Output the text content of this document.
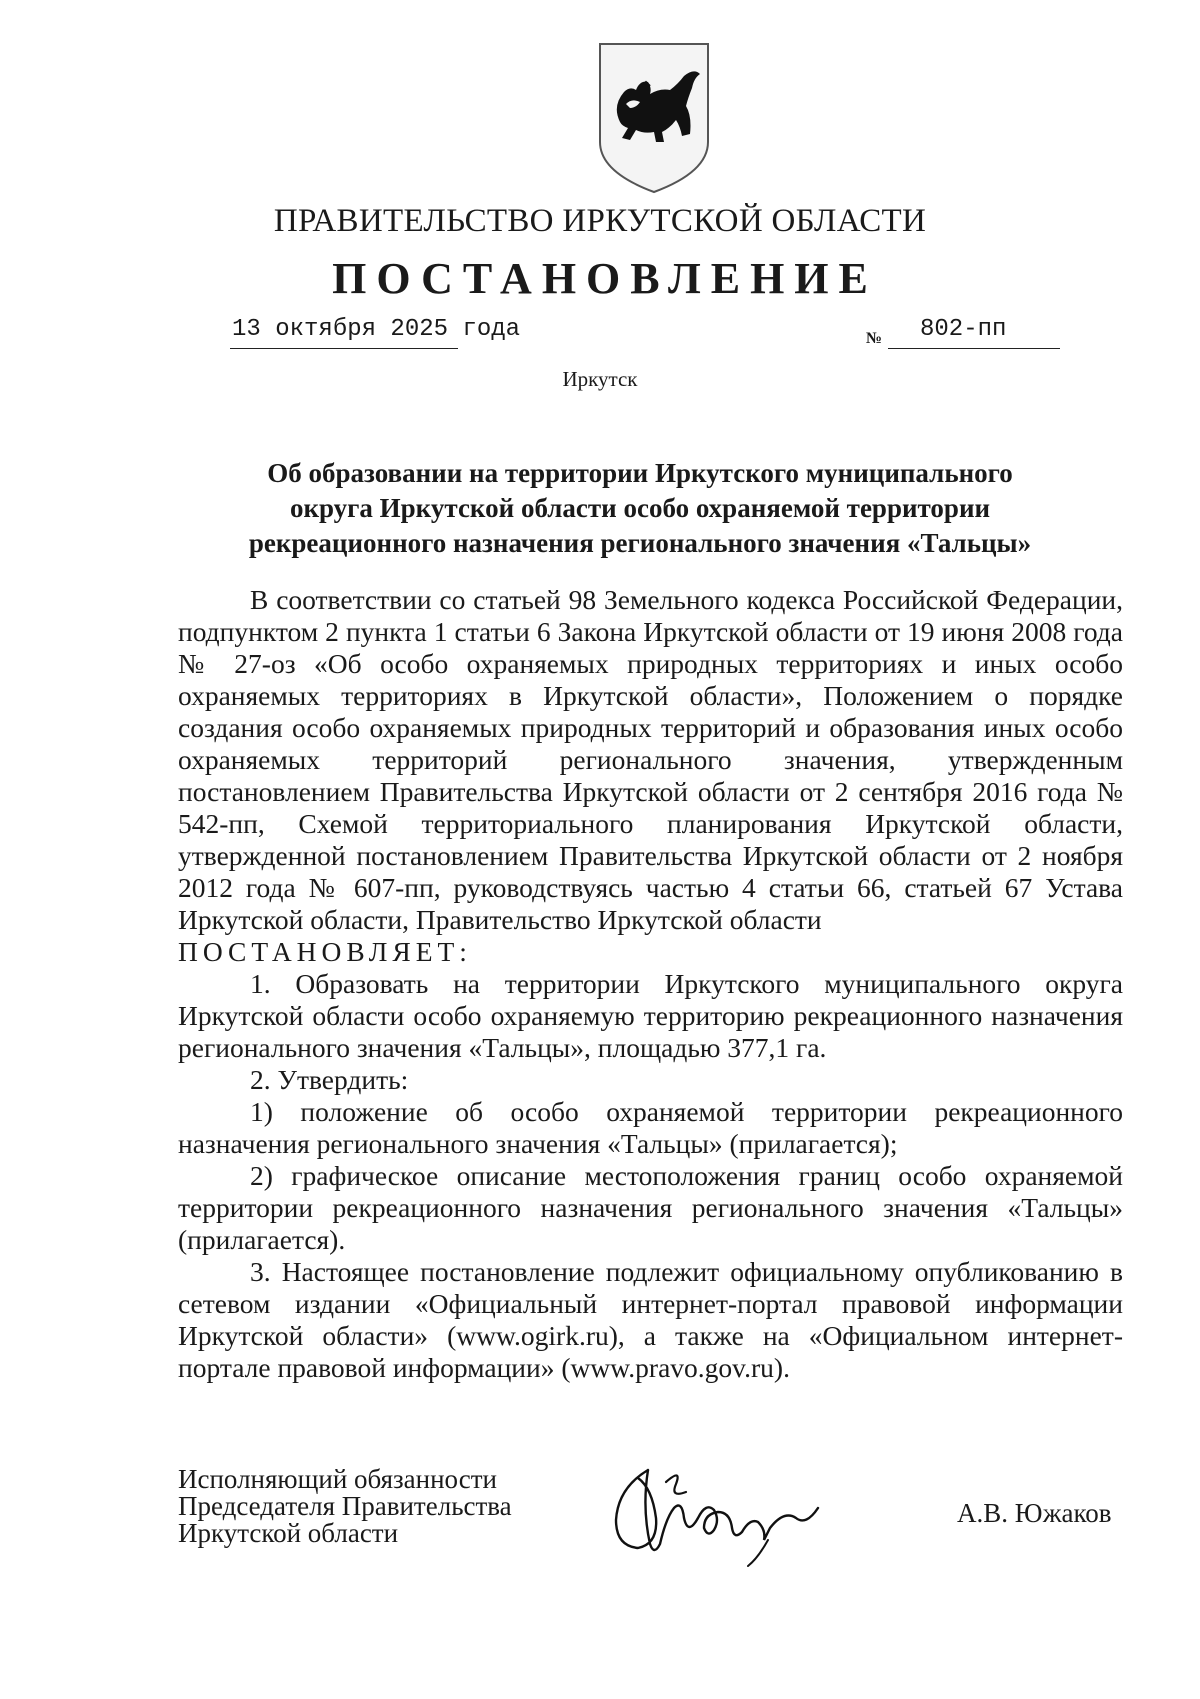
ПРАВИТЕЛЬСТВО ИРКУТСКОЙ ОБЛАСТИ
ПОСТАНОВЛЕНИЕ
13 октября 2025 года	№ 802-пп
Иркутск
Об образовании на территории Иркутского муниципального
округа Иркутской области особо охраняемой территории
рекреационного назначения регионального значения «Тальцы»

В соответствии со статьей 98 Земельного кодекса Российской Федерации, подпунктом 2 пункта 1 статьи 6 Закона Иркутской области от 19 июня 2008 года № 27-оз «Об особо охраняемых природных территориях и иных особо охраняемых территориях в Иркутской области», Положением о порядке создания особо охраняемых природных территорий и образования иных особо охраняемых территорий регионального значения, утвержденным постановлением Правительства Иркутской области от 2 сентября 2016 года № 542-пп, Схемой территориального планирования Иркутской области, утвержденной постановлением Правительства Иркутской области от 2 ноября 2012 года № 607-пп, руководствуясь частью 4 статьи 66, статьей 67 Устава Иркутской области, Правительство Иркутской области

ПОСТАНОВЛЯЕТ:

1. Образовать на территории Иркутского муниципального округа Иркутской области особо охраняемую территорию рекреационного назначения регионального значения «Тальцы», площадью 377,1 га.

2. Утвердить:

1) положение об особо охраняемой территории рекреационного назначения регионального значения «Тальцы» (прилагается);

2) графическое описание местоположения границ особо охраняемой территории рекреационного назначения регионального значения «Тальцы» (прилагается).

3. Настоящее постановление подлежит официальному опубликованию в сетевом издании «Официальный интернет-портал правовой информации Иркутской области» (www.ogirk.ru), а также на «Официальном интернет-портале правовой информации» (www.pravo.gov.ru).

Исполняющий обязанности
Председателя Правительства
Иркутской области
А.В. Южаков
